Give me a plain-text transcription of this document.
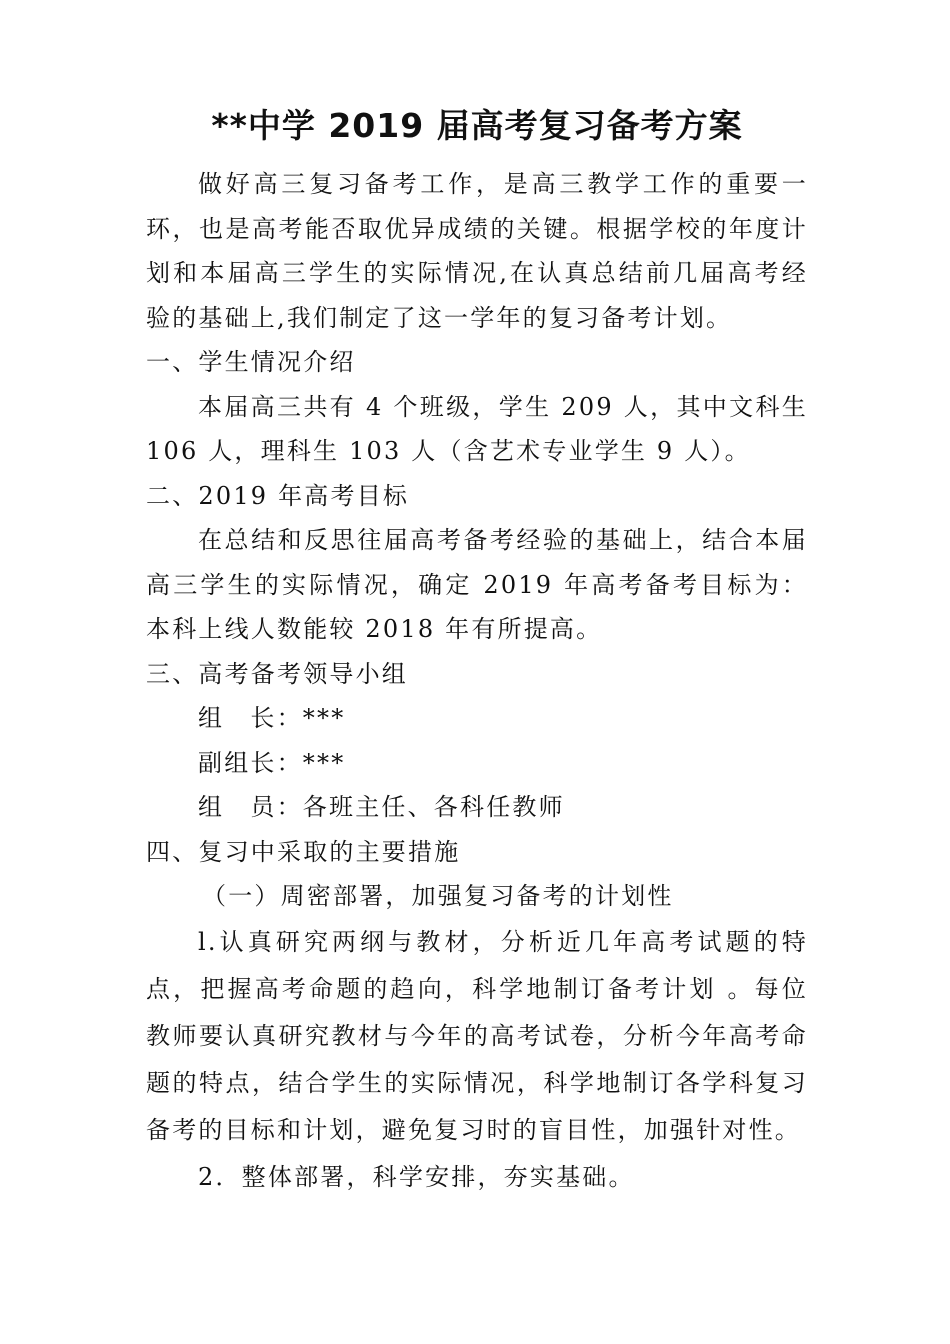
**中学 2019 届高考复习备考方案

做好高三复习备考工作，是高三教学工作的重要一环，也是高考能否取优异成绩的关键。根据学校的年度计划和本届高三学生的实际情况,在认真总结前几届高考经验的基础上,我们制定了这一学年的复习备考计划。

一、学生情况介绍

本届高三共有 4 个班级，学生 209 人，其中文科生 106 人，理科生 103 人（含艺术专业学生 9 人）。

二、2019 年高考目标

在总结和反思往届高考备考经验的基础上，结合本届高三学生的实际情况，确定 2019 年高考备考目标为：本科上线人数能较 2018 年有所提高。

三、高考备考领导小组

组　长：***

副组长：***

组　员：各班主任、各科任教师

四、复习中采取的主要措施

（一）周密部署，加强复习备考的计划性

l.认真研究两纲与教材，分析近几年高考试题的特点，把握高考命题的趋向，科学地制订备考计划 。每位教师要认真研究教材与今年的高考试卷，分析今年高考命题的特点，结合学生的实际情况，科学地制订各学科复习备考的目标和计划，避免复习时的盲目性，加强针对性。

2．整体部署，科学安排，夯实基础。
